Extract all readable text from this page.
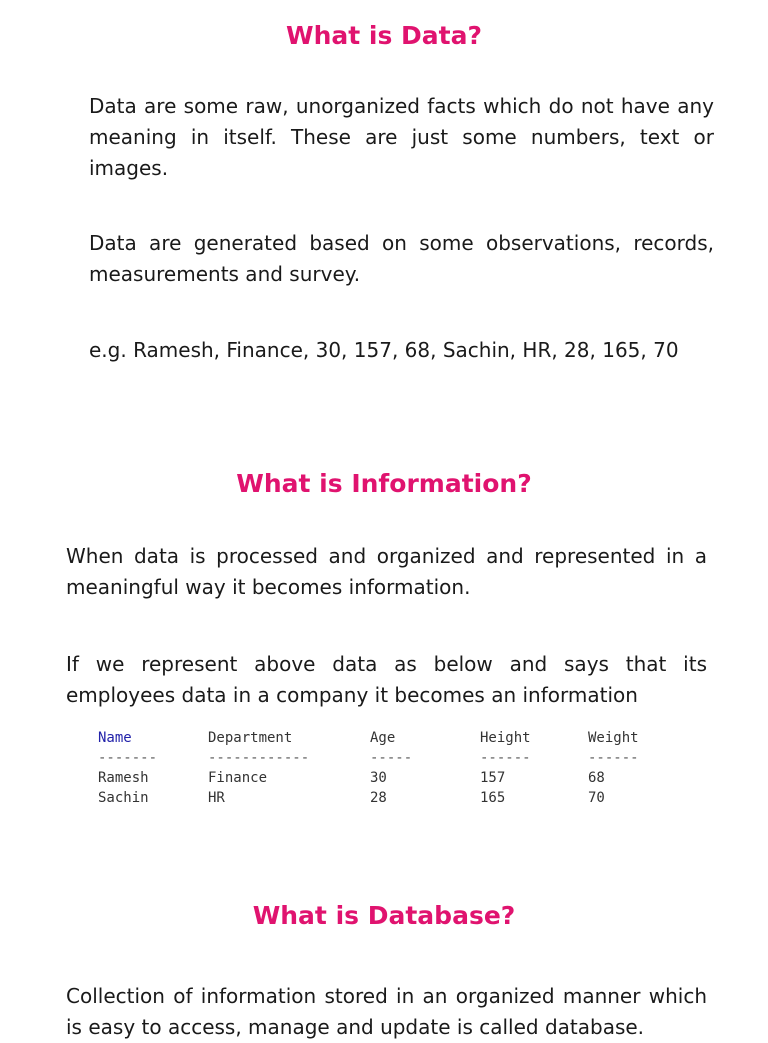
What is Data?

Data are some raw, unorganized facts which do not have any meaning in itself. These are just some numbers, text or images.

Data are generated based on some observations, records, measurements and survey.

e.g. Ramesh, Finance, 30, 157, 68, Sachin, HR, 28, 165, 70

What is Information?

When data is processed and organized and represented in a meaningful way it becomes information.

If we represent above data as below and says that its employees data in a company it becomes an information

Name	Department	Age	Height	Weight
-------	------------	-----	------	------
Ramesh	Finance	30	157	68
Sachin	HR	28	165	70
What is Database?

Collection of information stored in an organized manner which is easy to access, manage and update is called database.
